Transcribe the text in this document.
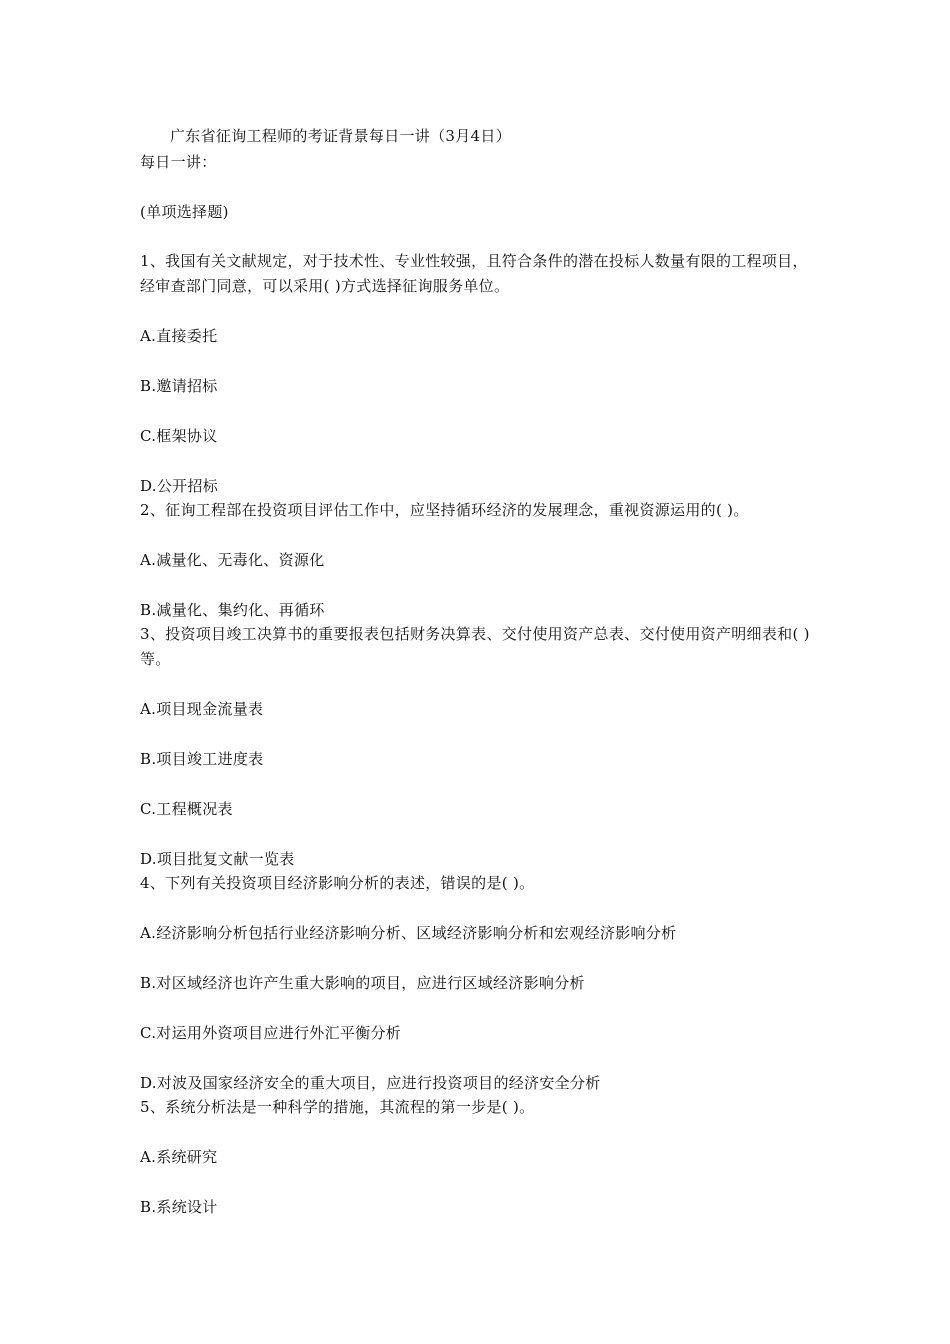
广东省征询工程师的考证背景每日一讲（3月4日）
每日一讲：
(单项选择题)
1、我国有关文献规定，对于技术性、专业性较强，且符合条件的潜在投标人数量有限的工程项目，经审查部门同意，可以采用( )方式选择征询服务单位。
A.直接委托
B.邀请招标
C.框架协议
D.公开招标
2、征询工程部在投资项目评估工作中，应坚持循环经济的发展理念，重视资源运用的( )。
A.减量化、无毒化、资源化
B.减量化、集约化、再循环
3、投资项目竣工决算书的重要报表包括财务决算表、交付使用资产总表、交付使用资产明细表和( )等。
A.项目现金流量表
B.项目竣工进度表
C.工程概况表
D.项目批复文献一览表
4、下列有关投资项目经济影响分析的表述，错误的是( )。
A.经济影响分析包括行业经济影响分析、区域经济影响分析和宏观经济影响分析
B.对区域经济也许产生重大影响的项目，应进行区域经济影响分析
C.对运用外资项目应进行外汇平衡分析
D.对波及国家经济安全的重大项目，应进行投资项目的经济安全分析
5、系统分析法是一种科学的措施，其流程的第一步是( )。
A.系统研究
B.系统设计
